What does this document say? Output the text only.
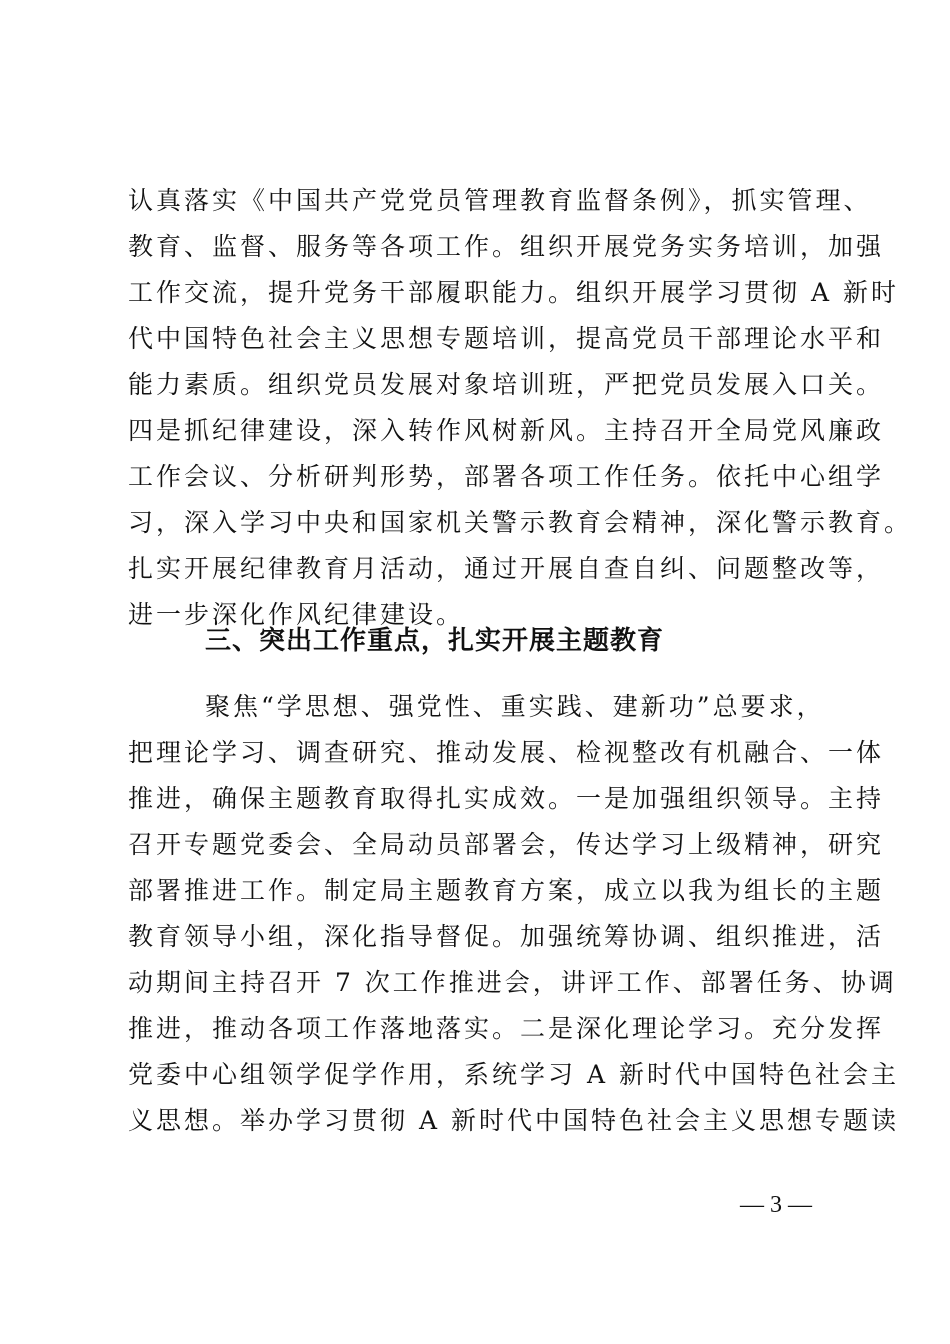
认真落实《中国共产党党员管理教育监督条例》，抓实管理、

教育、监督、服务等各项工作。组织开展党务实务培训，加强

工作交流，提升党务干部履职能力。组织开展学习贯彻 A 新时

代中国特色社会主义思想专题培训，提高党员干部理论水平和

能力素质。组织党员发展对象培训班，严把党员发展入口关。

四是抓纪律建设，深入转作风树新风。主持召开全局党风廉政

工作会议、分析研判形势，部署各项工作任务。依托中心组学

习，深入学习中央和国家机关警示教育会精神，深化警示教育。

扎实开展纪律教育月活动，通过开展自查自纠、问题整改等，

进一步深化作风纪律建设。

三、突出工作重点，扎实开展主题教育

聚焦“学思想、强党性、重实践、建新功”总要求，

把理论学习、调查研究、推动发展、检视整改有机融合、一体

推进，确保主题教育取得扎实成效。一是加强组织领导。主持

召开专题党委会、全局动员部署会，传达学习上级精神，研究

部署推进工作。制定局主题教育方案，成立以我为组长的主题

教育领导小组，深化指导督促。加强统筹协调、组织推进，活

动期间主持召开 7 次工作推进会，讲评工作、部署任务、协调

推进，推动各项工作落地落实。二是深化理论学习。充分发挥

党委中心组领学促学作用，系统学习 A 新时代中国特色社会主

义思想。举办学习贯彻 A 新时代中国特色社会主义思想专题读

— 3 —
